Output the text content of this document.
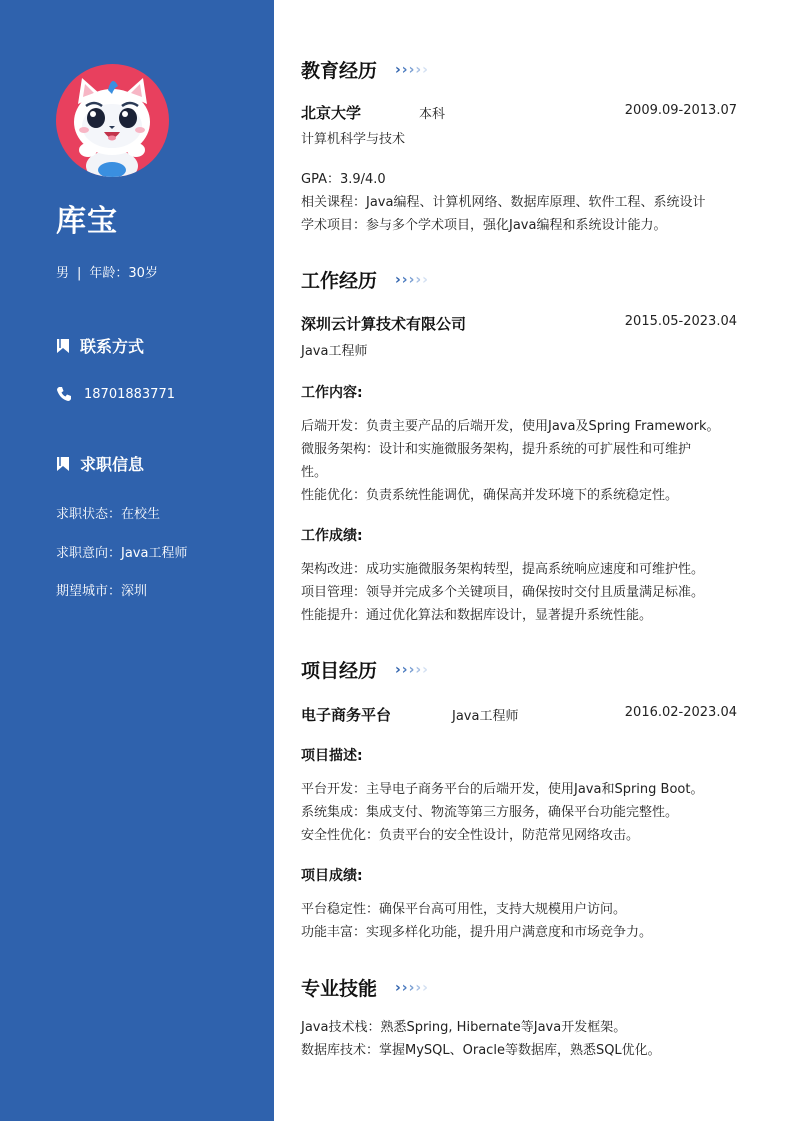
库宝
男 | 年龄：30岁
联系方式
18701883771
求职信息
求职状态：在校生
求职意向：Java工程师
期望城市：深圳
教育经历 › › › › ›
北京大学	本科	2009.09-2013.07
计算机科学与技术
GPA：3.9/4.0
相关课程：Java编程、计算机网络、数据库原理、软件工程、系统设计
学术项目：参与多个学术项目，强化Java编程和系统设计能力。
工作经历 › › › › ›
深圳云计算技术有限公司	2015.05-2023.04
Java工程师
工作内容:
后端开发：负责主要产品的后端开发，使用Java及Spring Framework。
微服务架构：设计和实施微服务架构，提升系统的可扩展性和可维护
性。
性能优化：负责系统性能调优，确保高并发环境下的系统稳定性。
工作成绩:
架构改进：成功实施微服务架构转型，提高系统响应速度和可维护性。
项目管理：领导并完成多个关键项目，确保按时交付且质量满足标准。
性能提升：通过优化算法和数据库设计，显著提升系统性能。
项目经历 › › › › ›
电子商务平台	Java工程师	2016.02-2023.04
项目描述:
平台开发：主导电子商务平台的后端开发，使用Java和Spring Boot。
系统集成：集成支付、物流等第三方服务，确保平台功能完整性。
安全性优化：负责平台的安全性设计，防范常见网络攻击。
项目成绩:
平台稳定性：确保平台高可用性，支持大规模用户访问。
功能丰富：实现多样化功能，提升用户满意度和市场竞争力。
专业技能 › › › › ›
Java技术栈：熟悉Spring, Hibernate等Java开发框架。
数据库技术：掌握MySQL、Oracle等数据库，熟悉SQL优化。
